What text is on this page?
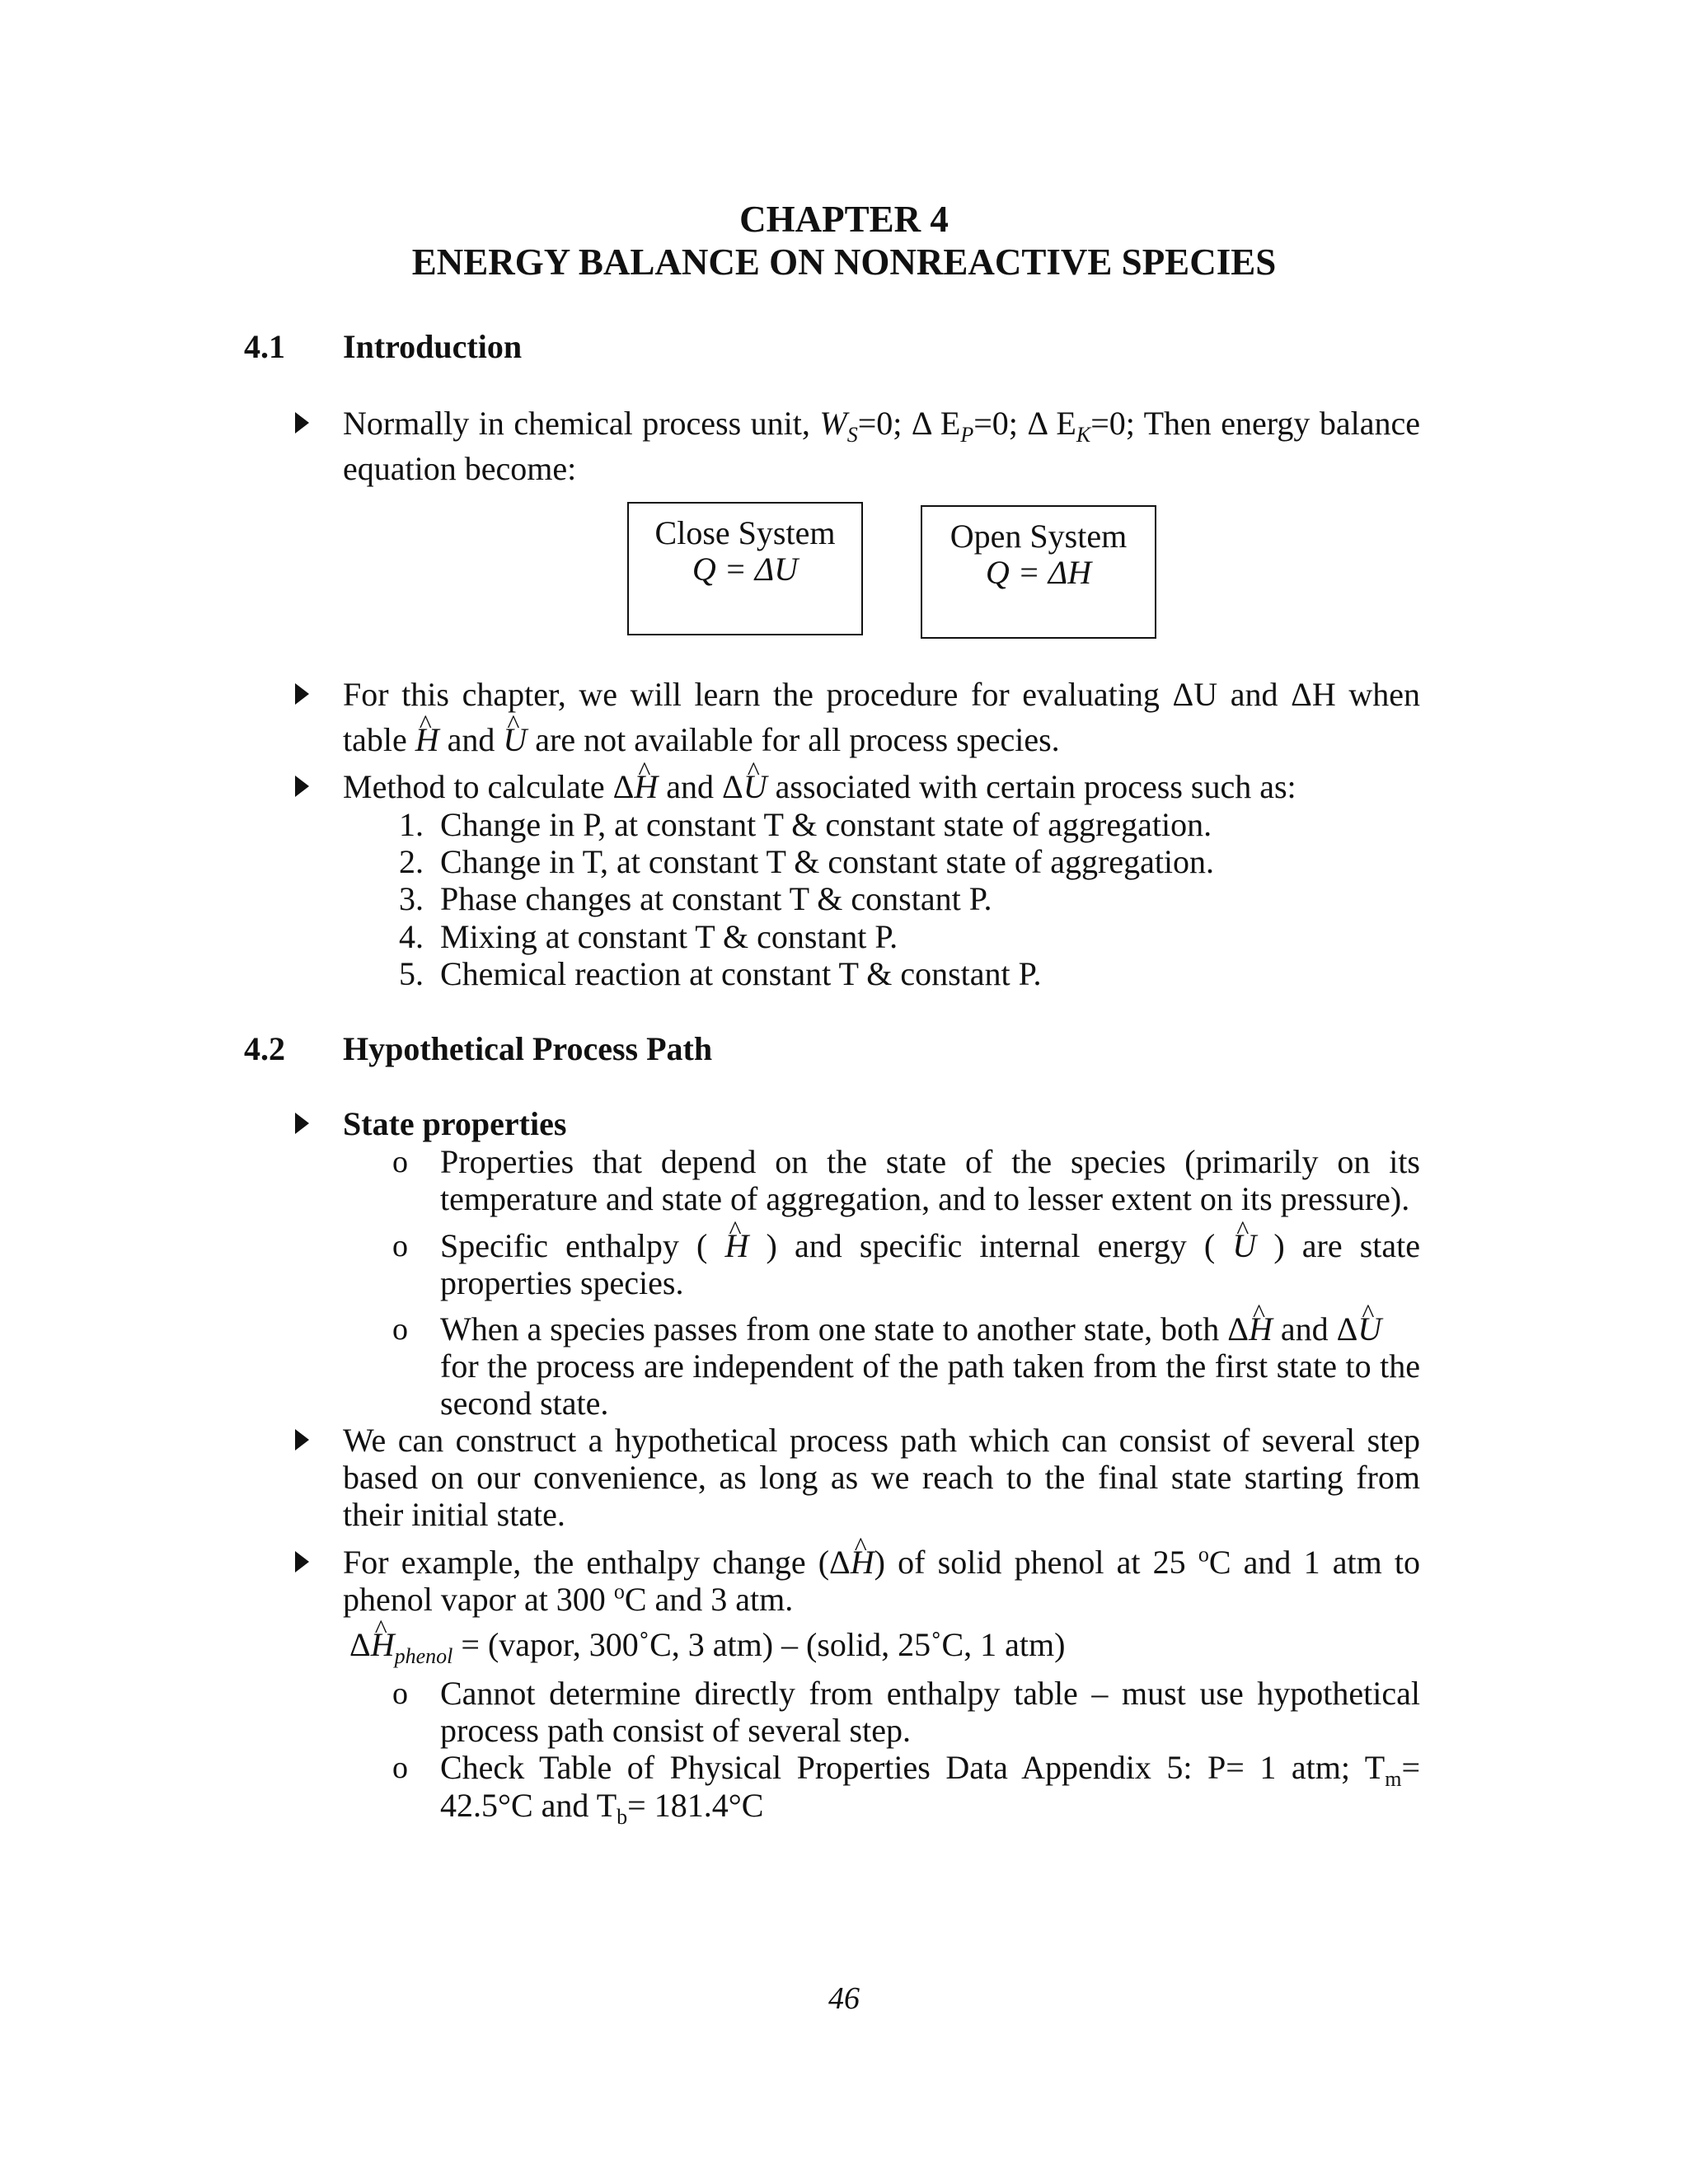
CHAPTER 4
ENERGY BALANCE ON NONREACTIVE SPECIES
4.1 Introduction
Normally in chemical process unit, $W_S=0$; Δ $E_P=0$; Δ $E_K=0$; Then energy balance
equation become:
Close System
Q = ΔU
Open System
Q = ΔH
For this chapter, we will learn the procedure for evaluating ΔU and ΔH when
table ^ H and ^ U are not available for all process species.
Method to calculate Δ^ H and Δ^ U associated with certain process such as:
1. Change in P, at constant T & constant state of aggregation.
2. Change in T, at constant T & constant state of aggregation.
3. Phase changes at constant T & constant P.
4. Mixing at constant T & constant P.
5. Chemical reaction at constant T & constant P.
4.2 Hypothetical Process Path
State properties
o Properties that depend on the state of the species (primarily on its temperature and state of aggregation, and to lesser extent on its pressure).
o Specific enthalpy ( ^ H ) and specific internal energy ( ^ U ) are state
properties species.
o When a species passes from one state to another state, both Δ^ H and Δ^ U
for the process are independent of the path taken from the first state to the
second state.
We can construct a hypothetical process path which can consist of several step based on our convenience, as long as we reach to the final state starting from their initial state.
For example, the enthalpy change (Δ^ H) of solid phenol at 25 $^o$C and 1 atm to
phenol vapor at 300 $^o$C and 3 atm.
Δ^ $H_{phenol}$ = (vapor, 300˚C, 3 atm) – (solid, 25˚C, 1 atm)
o Cannot determine directly from enthalpy table – must use hypothetical process path consist of several step.
o Check Table of Physical Properties Data Appendix 5: P= 1 atm; $T_m=$
42.5°C and $T_b= 181.4^\circ C$
46
